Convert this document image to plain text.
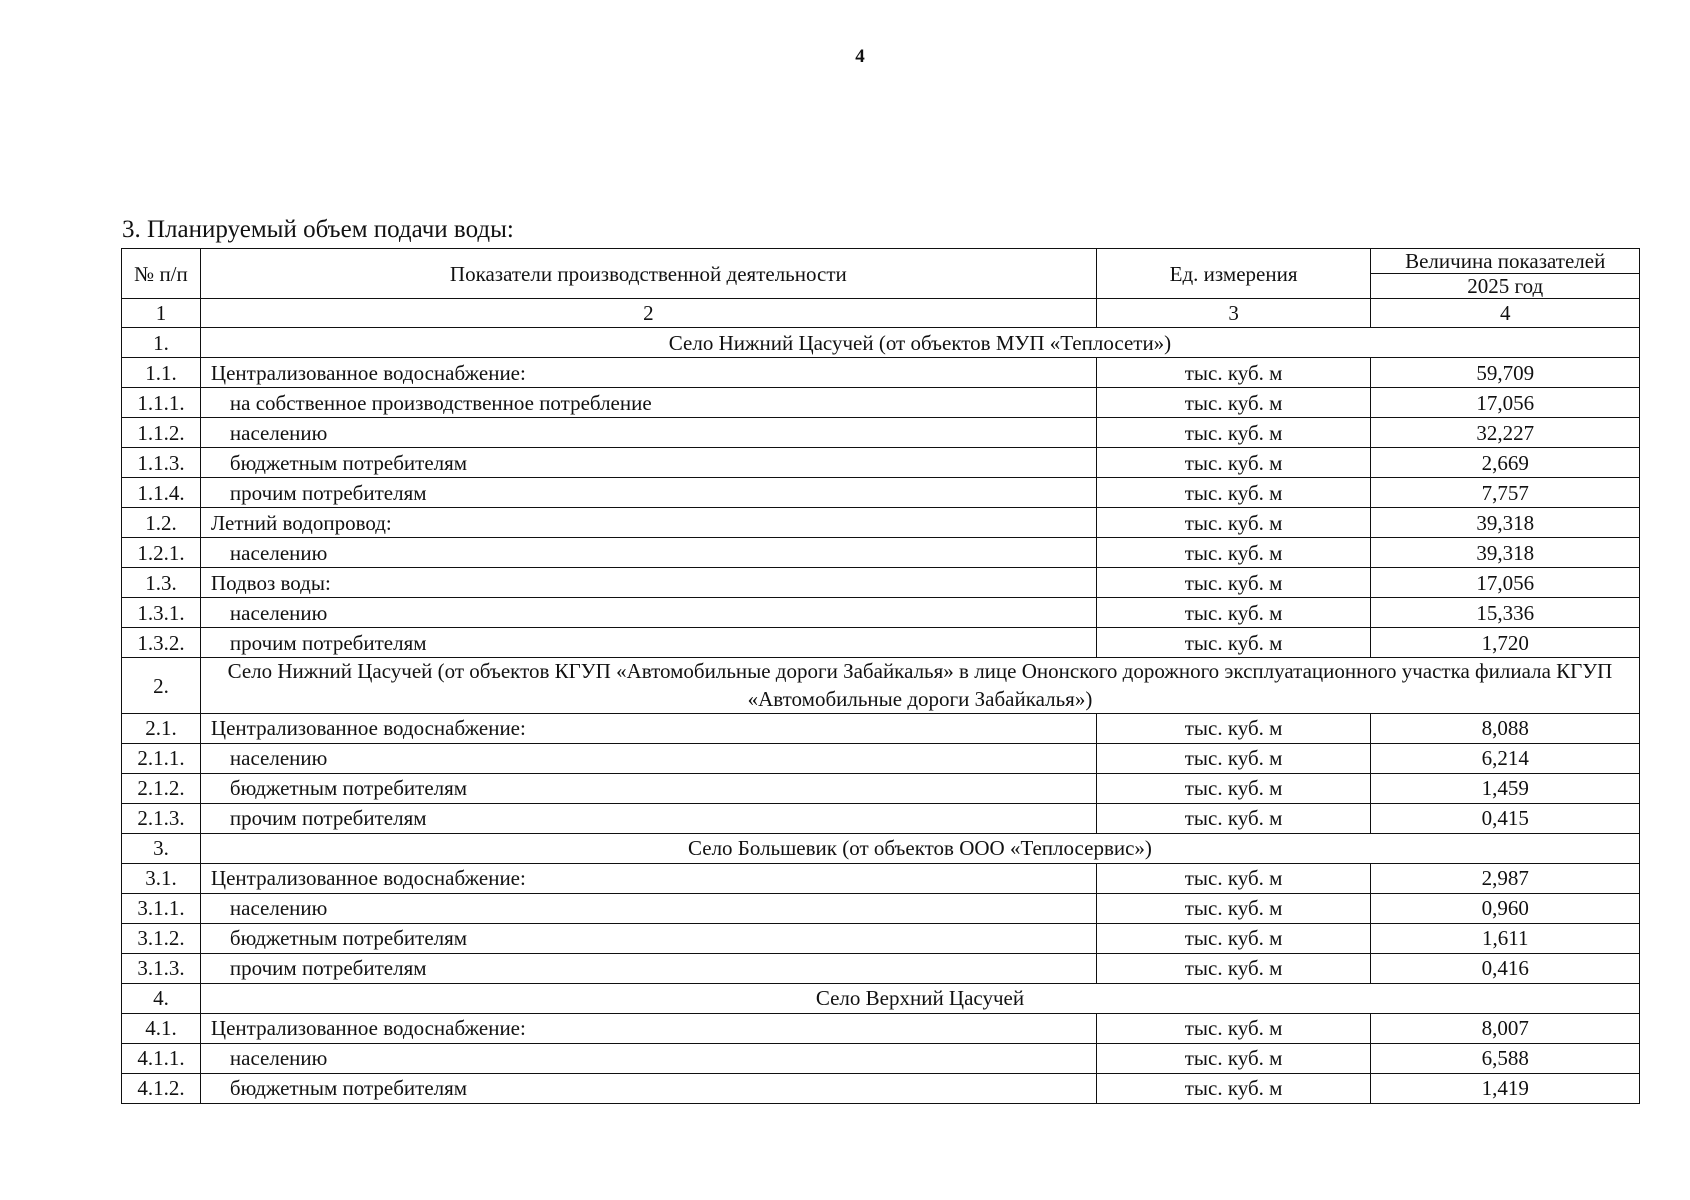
4
3. Планируемый объем подачи воды:
№ п/п	Показатели производственной деятельности	Ед. измерения	Величина показателей
			2025 год
1	2	3	4
1.	Село Нижний Цасучей (от объектов МУП «Теплосети»)		
1.1.	Централизованное водоснабжение:	тыс. куб. м	59,709
1.1.1.	на собственное производственное потребление	тыс. куб. м	17,056
1.1.2.	населению	тыс. куб. м	32,227
1.1.3.	бюджетным потребителям	тыс. куб. м	2,669
1.1.4.	прочим потребителям	тыс. куб. м	7,757
1.2.	Летний водопровод:	тыс. куб. м	39,318
1.2.1.	населению	тыс. куб. м	39,318
1.3.	Подвоз воды:	тыс. куб. м	17,056
1.3.1.	населению	тыс. куб. м	15,336
1.3.2.	прочим потребителям	тыс. куб. м	1,720
2.	Село Нижний Цасучей (от объектов КГУП «Автомобильные дороги Забайкалья» в лице Ононского дорожного эксплуатационного участка филиала КГУП «Автомобильные дороги Забайкалья»)		
2.1.	Централизованное водоснабжение:	тыс. куб. м	8,088
2.1.1.	населению	тыс. куб. м	6,214
2.1.2.	бюджетным потребителям	тыс. куб. м	1,459
2.1.3.	прочим потребителям	тыс. куб. м	0,415
3.	Село Большевик (от объектов ООО «Теплосервис»)		
3.1.	Централизованное водоснабжение:	тыс. куб. м	2,987
3.1.1.	населению	тыс. куб. м	0,960
3.1.2.	бюджетным потребителям	тыс. куб. м	1,611
3.1.3.	прочим потребителям	тыс. куб. м	0,416
4.	Село Верхний Цасучей		
4.1.	Централизованное водоснабжение:	тыс. куб. м	8,007
4.1.1.	населению	тыс. куб. м	6,588
4.1.2.	бюджетным потребителям	тыс. куб. м	1,419
